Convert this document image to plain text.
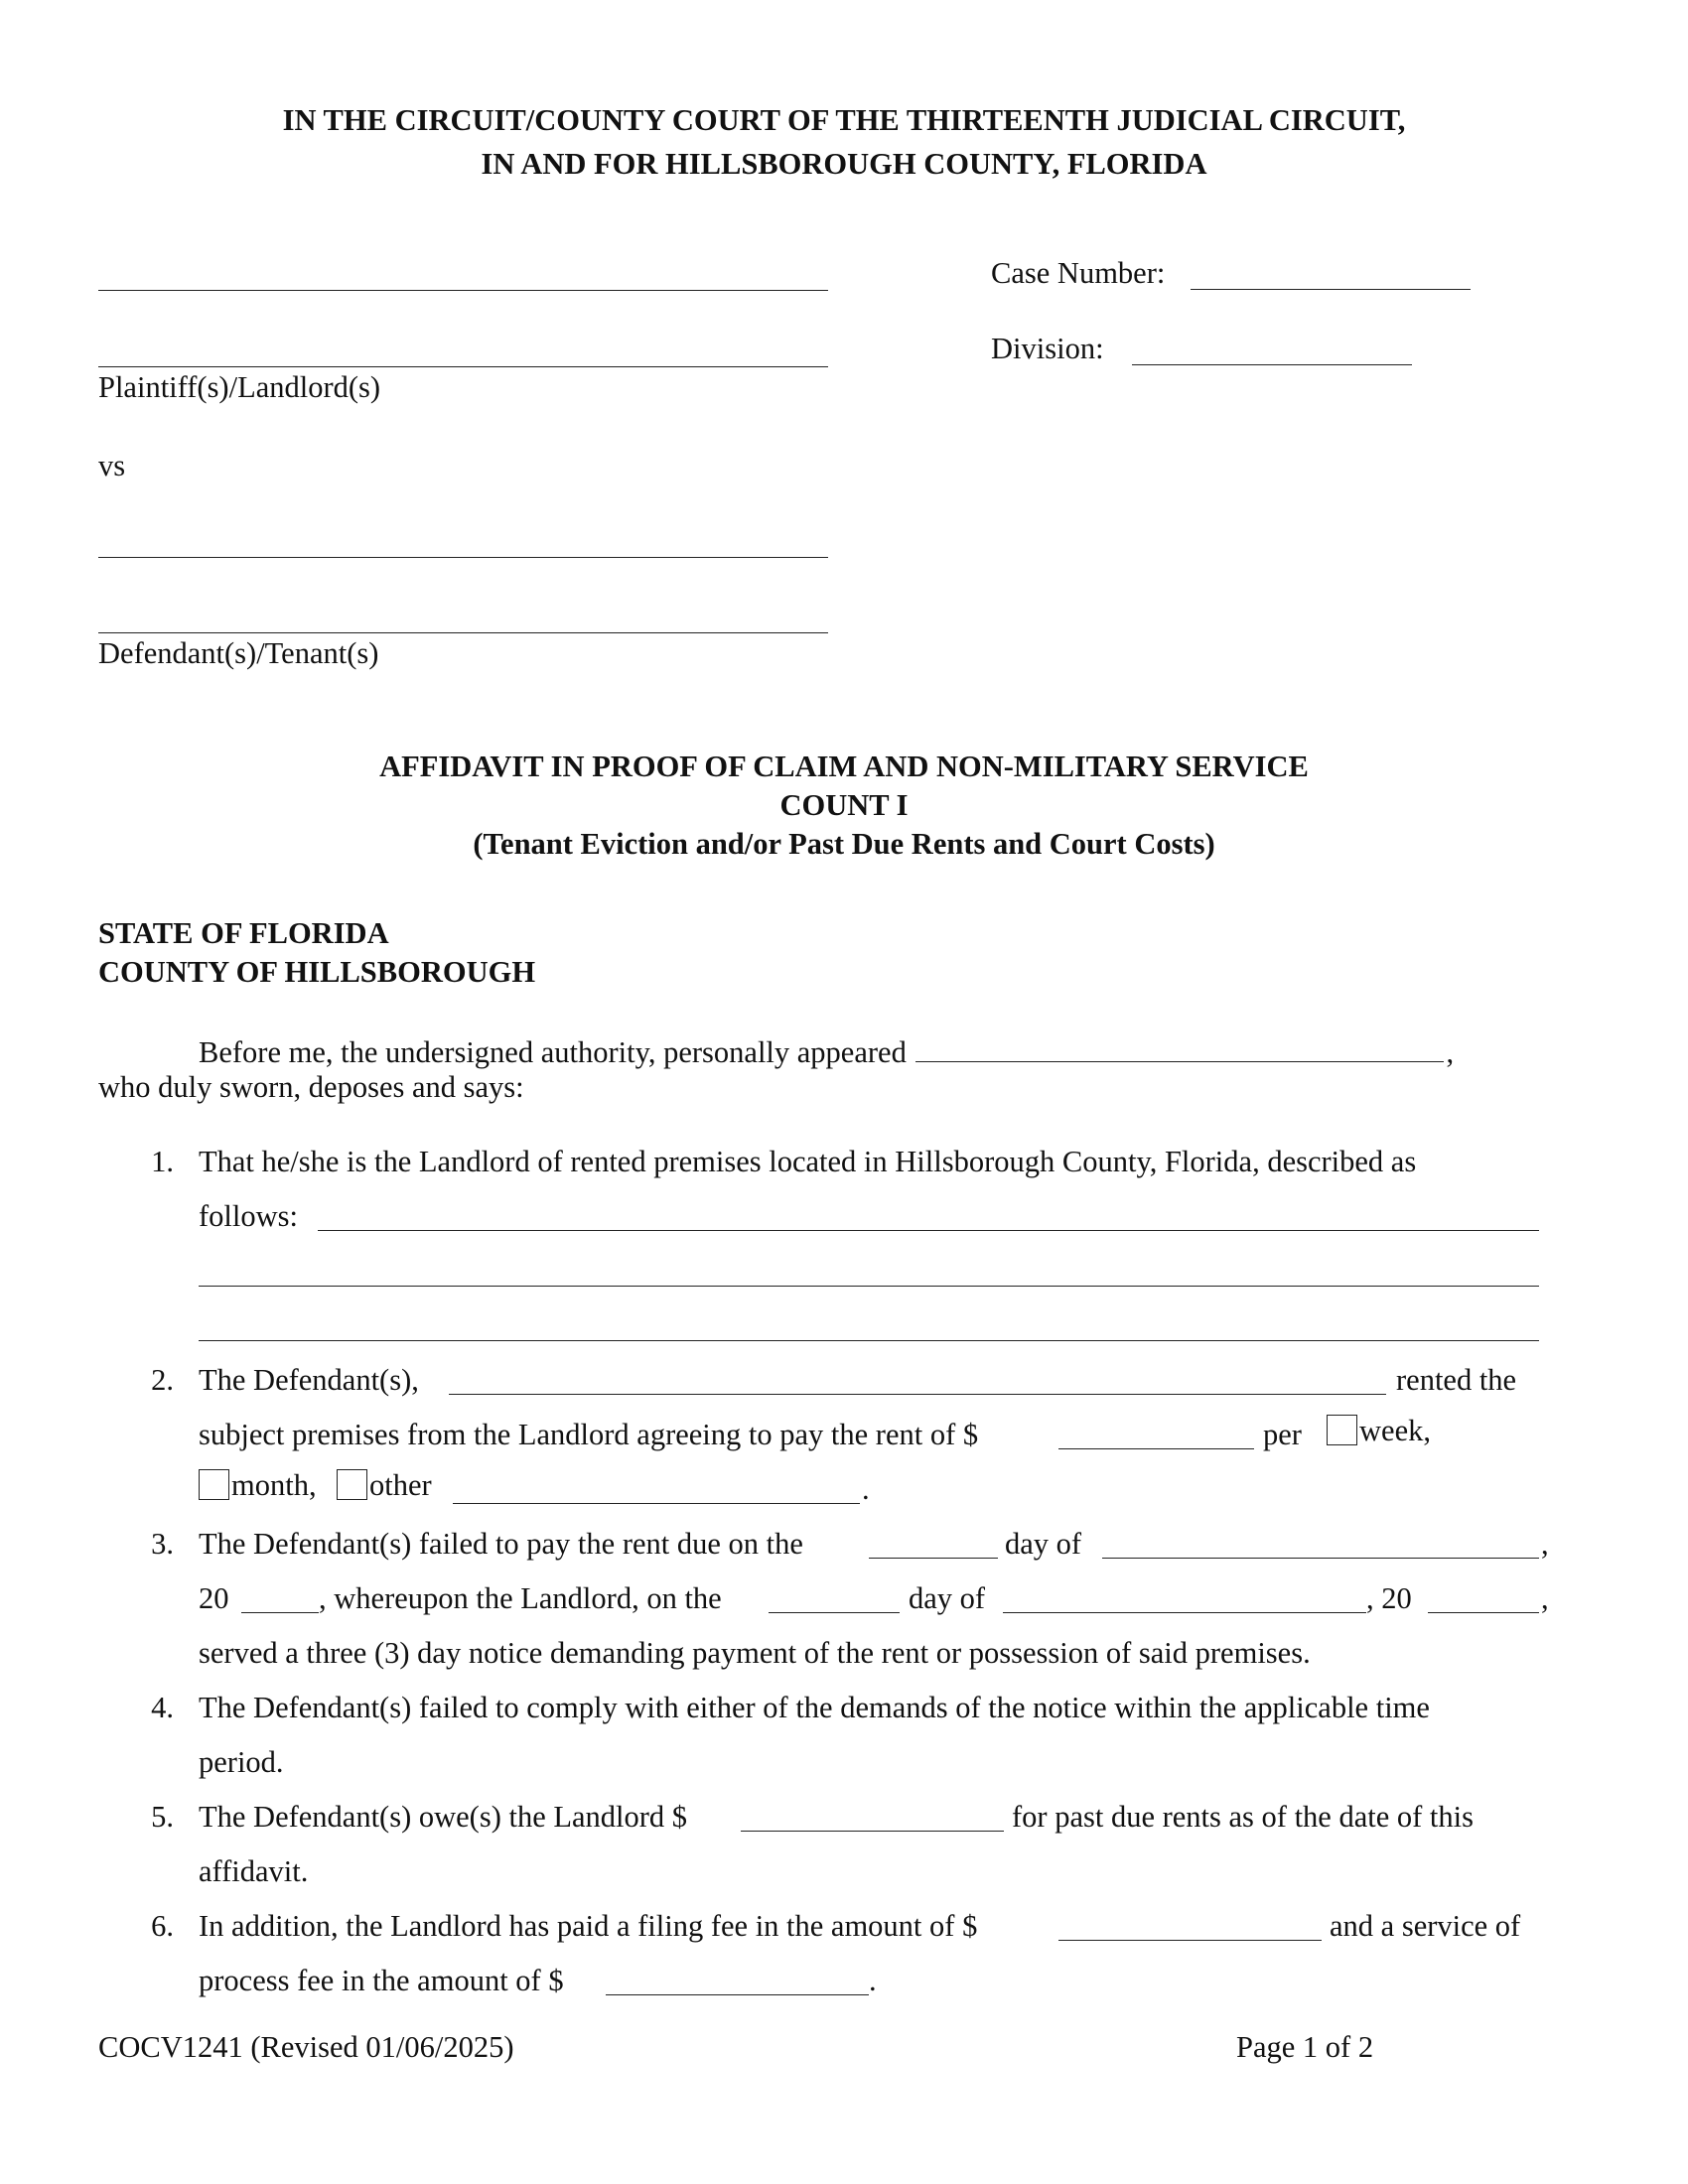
IN THE CIRCUIT/COUNTY COURT OF THE THIRTEENTH JUDICIAL CIRCUIT,
IN AND FOR HILLSBOROUGH COUNTY, FLORIDA
Plaintiff(s)/Landlord(s)
vs
Defendant(s)/Tenant(s)
Case Number:
Division:
AFFIDAVIT IN PROOF OF CLAIM AND NON-MILITARY SERVICE
COUNT I
(Tenant Eviction and/or Past Due Rents and Court Costs)
STATE OF FLORIDA
COUNTY OF HILLSBOROUGH
Before me, the undersigned authority, personally appeared	,
who duly sworn, deposes and says:
1. That he/she is the Landlord of rented premises located in Hillsborough County, Florida, described as
follows:
2. The Defendant(s),	rented the
subject premises from the Landlord agreeing to pay the rent of $	per	week,
month,	other	.
3. The Defendant(s) failed to pay the rent due on the	day of	,
20	, whereupon the Landlord, on the	day of	, 20	,
served a three (3) day notice demanding payment of the rent or possession of said premises.
4. The Defendant(s) failed to comply with either of the demands of the notice within the applicable time
period.
5. The Defendant(s) owe(s) the Landlord $	for past due rents as of the date of this
affidavit.
6. In addition, the Landlord has paid a filing fee in the amount of $	and a service of
process fee in the amount of $	.
COCV1241 (Revised 01/06/2025)	Page 1 of 2
